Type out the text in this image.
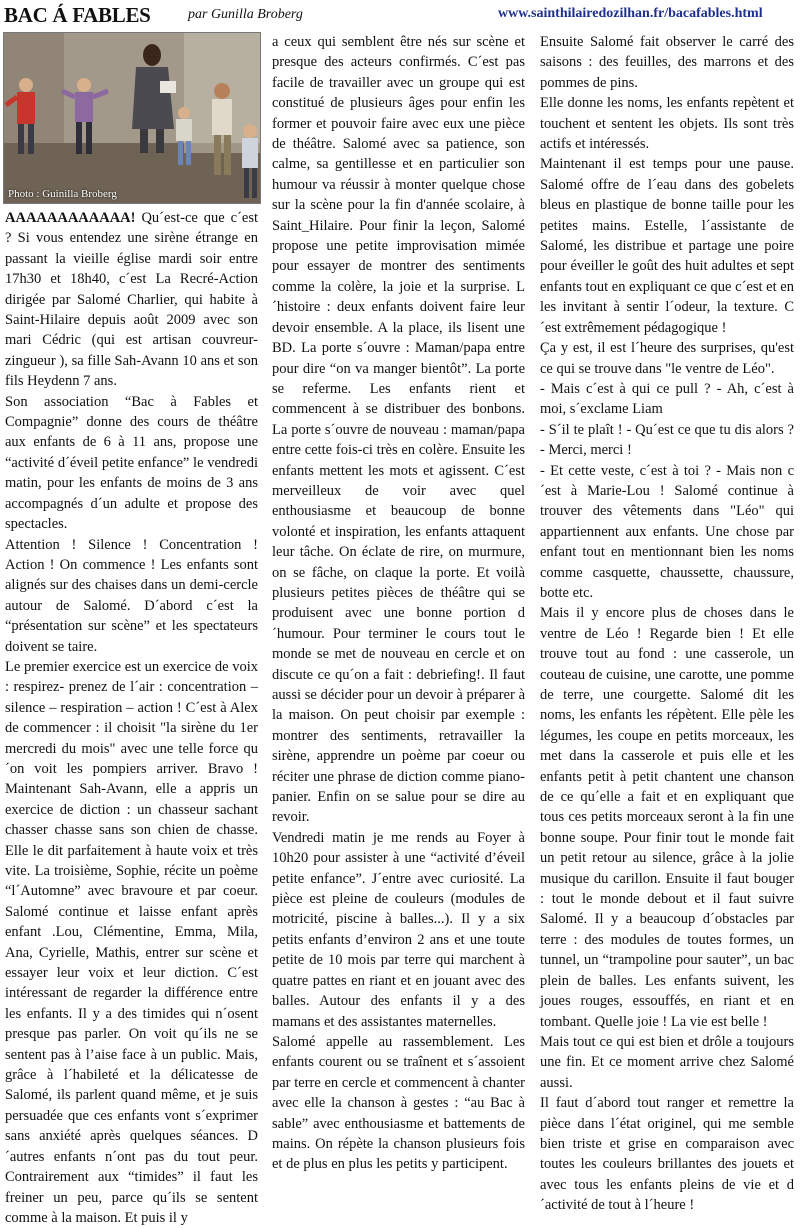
BAC Á FABLES	par Gunilla Broberg	www.sainthilairedozilhan.fr/bacafables.html
Photo : Guinilla Broberg

AAAAAAAAAAAA! Qu´est-ce que c´est ? Si vous entendez une sirène étrange en passant la vieille église mardi soir entre 17h30 et 18h40, c´est La Recré-Action dirigée par Salomé Charlier, qui habite à Saint-Hilaire depuis août 2009 avec son mari Cédric (qui est artisan couvreur-zingueur ), sa fille Sah-Avann 10 ans et son fils Heydenn 7 ans.

Son association “Bac à Fables et Compagnie” donne des cours de théâtre aux enfants de 6 à 11 ans, propose une “activité d´éveil petite enfance” le vendredi matin, pour les enfants de moins de 3 ans accompagnés d´un adulte et propose des spectacles.

Attention ! Silence ! Concentration ! Action ! On commence ! Les enfants sont alignés sur des chaises dans un demi-cercle autour de Salomé. D´abord c´est la “présentation sur scène” et les spectateurs doivent se taire.

Le premier exercice est un exercice de voix : respirez- prenez de l´air : concentration – silence – respiration – action ! C´est à Alex de commencer : il choisit "la sirène du 1er mercredi du mois" avec une telle force qu´on voit les pompiers arriver. Bravo ! Maintenant Sah-Avann, elle a appris un exercice de diction : un chasseur sachant chasser chasse sans son chien de chasse. Elle le dit parfaitement à haute voix et très vite. La troisième, Sophie, récite un poème “l´Automne” avec bravoure et par coeur. Salomé continue et laisse enfant après enfant .Lou, Clémentine, Emma, Mila, Ana, Cyrielle, Mathis, entrer sur scène et essayer leur voix et leur diction. C´est intéressant de regarder la différence entre les enfants. Il y a des timides qui n´osent presque pas parler. On voit qu´ils ne se sentent pas à l’aise face à un public. Mais, grâce à l´habileté et la délicatesse de Salomé, ils parlent quand même, et je suis persuadée que ces enfants vont s´exprimer sans anxiété après quelques séances. D´autres enfants n´ont pas du tout peur. Contrairement aux “timides” il faut les freiner un peu, parce qu´ils se sentent comme à la maison. Et puis il y

a ceux qui semblent être nés sur scène et presque des acteurs confirmés. C´est pas facile de travailler avec un groupe qui est constitué de plusieurs âges pour enfin les former et pouvoir faire avec eux une pièce de théâtre. Salomé avec sa patience, son calme, sa gentillesse et en particulier son humour va réussir à monter quelque chose sur la scène pour la fin d'année scolaire, à Saint_Hilaire. Pour finir la leçon, Salomé propose une petite improvisation mimée pour essayer de montrer des sentiments comme la colère, la joie et la surprise. L´histoire : deux enfants doivent faire leur devoir ensemble. A la place, ils lisent une BD. La porte s´ouvre : Maman/papa entre pour dire “on va manger bientôt”. La porte se referme. Les enfants rient et commencent à se distribuer des bonbons. La porte s´ouvre de nouveau : maman/papa entre cette fois-ci très en colère. Ensuite les enfants mettent les mots et agissent. C´est merveilleux de voir avec quel enthousiasme et beaucoup de bonne volonté et inspiration, les enfants attaquent leur tâche. On éclate de rire, on murmure, on se fâche, on claque la porte. Et voilà plusieurs petites pièces de théâtre qui se produisent avec une bonne portion d´humour. Pour terminer le cours tout le monde se met de nouveau en cercle et on discute ce qu´on a fait : debriefing!. Il faut aussi se décider pour un devoir à préparer à la maison. On peut choisir par exemple : montrer des sentiments, retravailler la sirène, apprendre un poème par coeur ou réciter une phrase de diction comme piano-panier. Enfin on se salue pour se dire au revoir.

Vendredi matin je me rends au Foyer à 10h20 pour assister à une “activité d’éveil petite enfance”. J´entre avec curiosité. La pièce est pleine de couleurs (modules de motricité, piscine à balles...). Il y a six petits enfants d’environ 2 ans et une toute petite de 10 mois par terre qui marchent à quatre pattes en riant et en jouant avec des balles. Autour des enfants il y a des mamans et des assistantes maternelles.

Salomé appelle au rassemblement. Les enfants courent ou se traînent et s´assoient par terre en cercle et commencent à chanter avec elle la chanson à gestes : “au Bac à sable” avec enthousiasme et battements de mains. On répète la chanson plusieurs fois et de plus en plus les petits y participent.

Ensuite Salomé fait observer le carré des saisons : des feuilles, des marrons et des pommes de pins.

Elle donne les noms, les enfants repètent et touchent et sentent les objets. Ils sont très actifs et intéressés.

Maintenant il est temps pour une pause. Salomé offre de l´eau dans des gobelets bleus en plastique de bonne taille pour les petites mains. Estelle, l´assistante de Salomé, les distribue et partage une poire pour éveiller le goût des huit adultes et sept enfants tout en expliquant ce que c´est et en les invitant à sentir l´odeur, la texture. C´est extrêmement pédagogique !

Ça y est, il est l´heure des surprises, qu'est ce qui se trouve dans "le ventre de Léo".

- Mais c´est à qui ce pull ? - Ah, c´est à moi, s´exclame Liam

- S´il te plaît ! - Qu´est ce que tu dis alors ? - Merci, merci !

- Et cette veste, c´est à toi ? - Mais non c´est à Marie-Lou ! Salomé continue à trouver des vêtements dans "Léo" qui appartiennent aux enfants. Une chose par enfant tout en mentionnant bien les noms comme casquette, chaussette, chaussure, botte etc.

Mais il y encore plus de choses dans le ventre de Léo ! Regarde bien ! Et elle trouve tout au fond : une casserole, un couteau de cuisine, une carotte, une pomme de terre, une courgette. Salomé dit les noms, les enfants les répètent. Elle pèle les légumes, les coupe en petits morceaux, les met dans la casserole et puis elle et les enfants petit à petit chantent une chanson de ce qu´elle a fait et en expliquant que tous ces petits morceaux seront à la fin une bonne soupe. Pour finir tout le monde fait un petit retour au silence, grâce à la jolie musique du carillon. Ensuite il faut bouger : tout le monde debout et il faut suivre Salomé. Il y a beaucoup d´obstacles par terre : des modules de toutes formes, un tunnel, un “trampoline pour sauter”, un bac plein de balles. Les enfants suivent, les joues rouges, essouffés, en riant et en tombant. Quelle joie ! La vie est belle !

Mais tout ce qui est bien et drôle a toujours une fin. Et ce moment arrive chez Salomé aussi.

Il faut d´abord tout ranger et remettre la pièce dans l´état originel, qui me semble bien triste et grise en comparaison avec toutes les couleurs brillantes des jouets et avec tous les enfants pleins de vie et d´activité de tout à l´heure !
